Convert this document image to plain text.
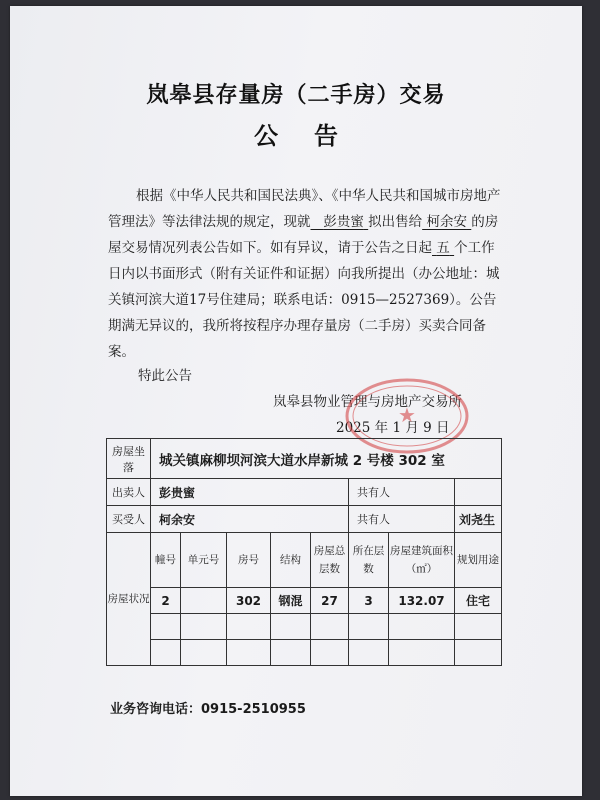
岚皋县存量房（二手房）交易
公告
根据《中华人民共和国民法典》、《中华人民共和国城市房地产管理法》等法律法规的规定，现就 彭贵蜜 拟出售给 柯余安 的房屋交易情况列表公告如下。如有异议，请于公告之日起 五 个工作日内以书面形式（附有关证件和证据）向我所提出（办公地址：城关镇河滨大道17号住建局；联系电话：0915—2527369）。公告期满无异议的，我所将按程序办理存量房（二手房）买卖合同备案。
特此公告
岚皋县物业管理与房地产交易所
2025 年 1 月 9 日
★
房屋坐落	城关镇麻柳坝河滨大道水岸新城 2 号楼 302 室							
出卖人	彭贵蜜					共有人		
买受人	柯余安					共有人		刘尧生
房屋状况	幢号	单元号	房号	结构	房屋总层数	所在层数	房屋建筑面积（㎡）	规划用途
	2		302	钢混	27	3	132.07	住宅

业务咨询电话：0915-2510955
